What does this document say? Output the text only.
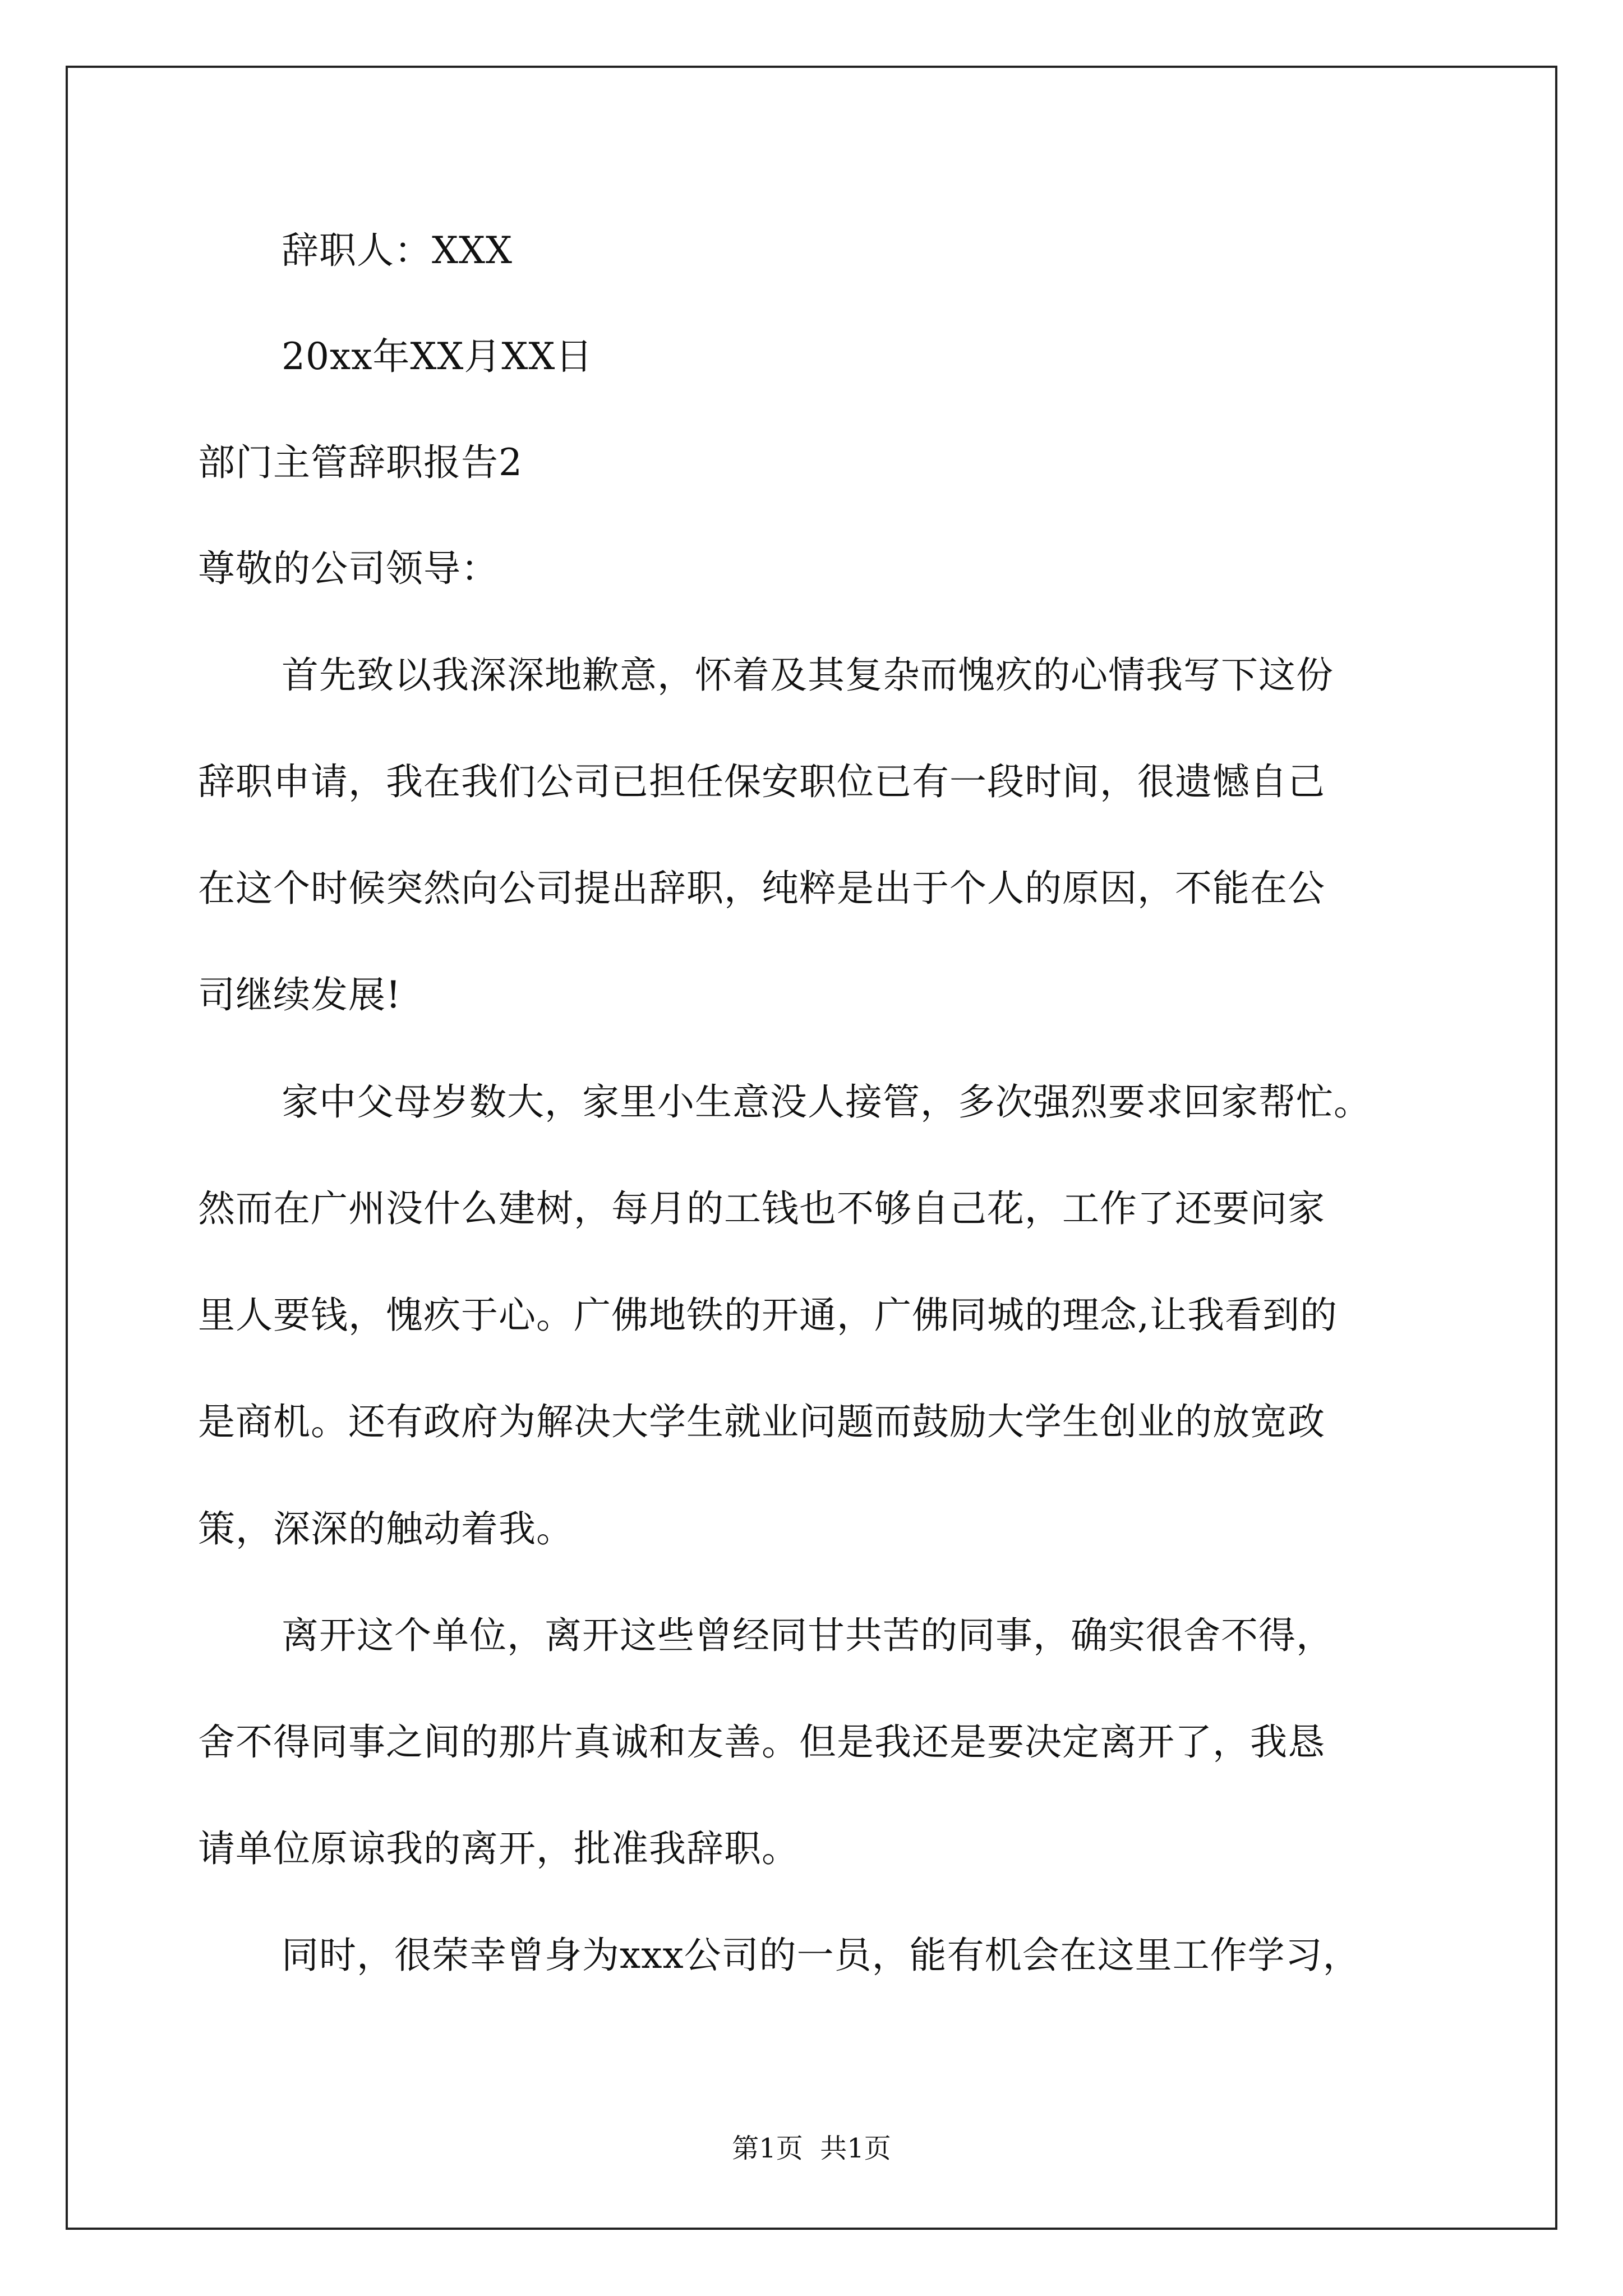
辞职人：XXX
20xx年XX月XX日
部门主管辞职报告2
尊敬的公司领导：
首先致以我深深地歉意，怀着及其复杂而愧疚的心情我写下这份
辞职申请，我在我们公司已担任保安职位已有一段时间，很遗憾自己
在这个时候突然向公司提出辞职，纯粹是出于个人的原因，不能在公
司继续发展!
家中父母岁数大，家里小生意没人接管，多次强烈要求回家帮忙。
然而在广州没什么建树，每月的工钱也不够自己花，工作了还要问家
里人要钱，愧疚于心。广佛地铁的开通，广佛同城的理念,让我看到的
是商机。还有政府为解决大学生就业问题而鼓励大学生创业的放宽政
策，深深的触动着我。
离开这个单位，离开这些曾经同甘共苦的同事，确实很舍不得，
舍不得同事之间的那片真诚和友善。但是我还是要决定离开了，我恳
请单位原谅我的离开，批准我辞职。
同时，很荣幸曾身为xxx公司的一员，能有机会在这里工作学习，
第1页  共1页
